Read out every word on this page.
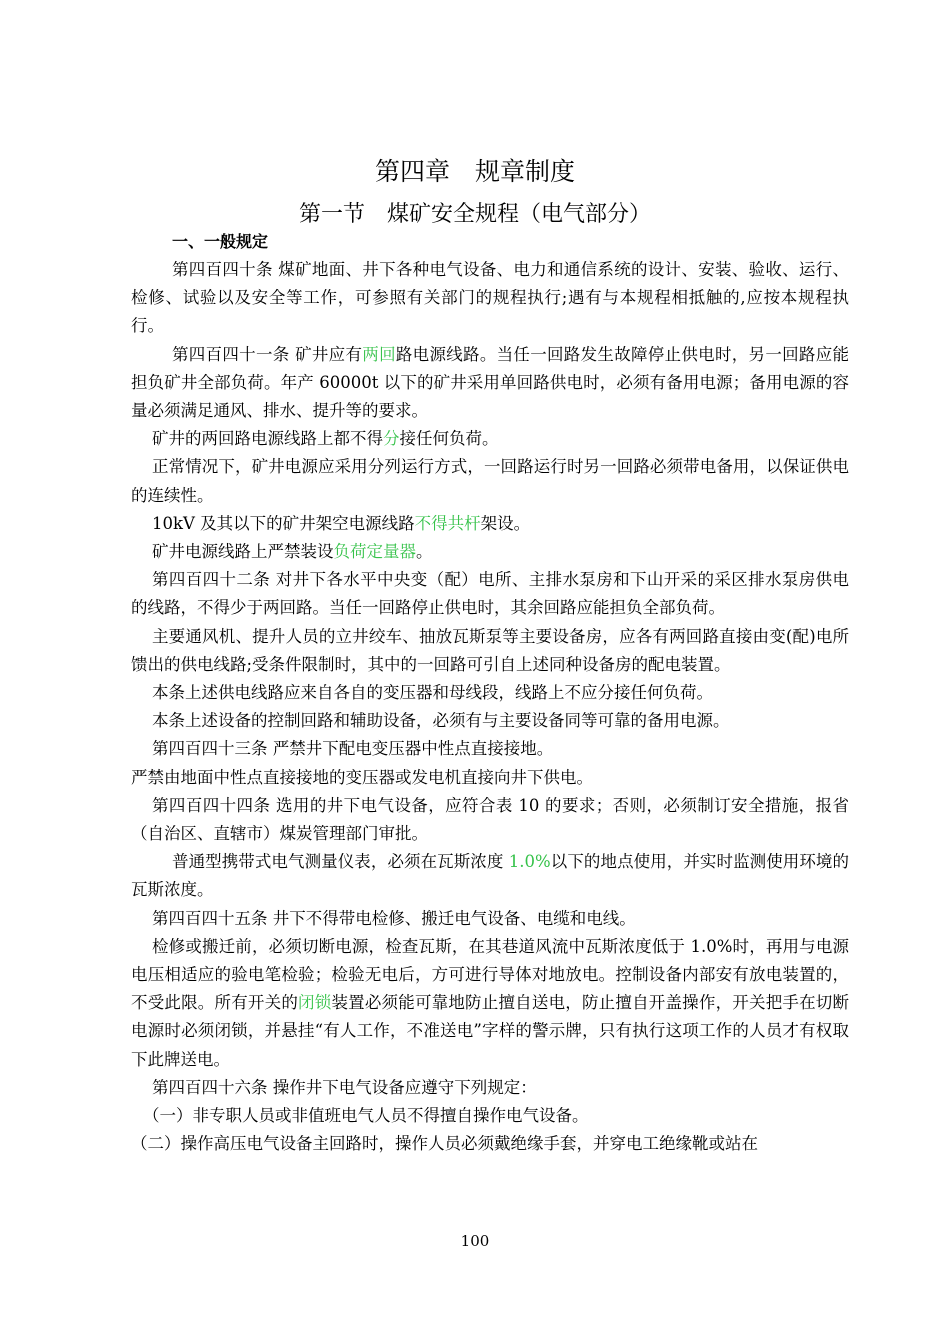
第四章　规章制度
第一节　煤矿安全规程（电气部分）
一、一般规定

第四百四十条 煤矿地面、井下各种电气设备、电力和通信系统的设计、安装、验收、运行、检修、试验以及安全等工作，可参照有关部门的规程执行;遇有与本规程相抵触的,应按本规程执行。

第四百四十一条 矿井应有两回路电源线路。当任一回路发生故障停止供电时，另一回路应能担负矿井全部负荷。年产 60000t 以下的矿井采用单回路供电时，必须有备用电源；备用电源的容量必须满足通风、排水、提升等的要求。

矿井的两回路电源线路上都不得分接任何负荷。

正常情况下，矿井电源应采用分列运行方式，一回路运行时另一回路必须带电备用，以保证供电的连续性。

10kV 及其以下的矿井架空电源线路不得共杆架设。

矿井电源线路上严禁装设负荷定量器。

第四百四十二条 对井下各水平中央变（配）电所、主排水泵房和下山开采的采区排水泵房供电的线路，不得少于两回路。当任一回路停止供电时，其余回路应能担负全部负荷。

主要通风机、提升人员的立井绞车、抽放瓦斯泵等主要设备房，应各有两回路直接由变(配)电所馈出的供电线路;受条件限制时，其中的一回路可引自上述同种设备房的配电装置。

本条上述供电线路应来自各自的变压器和母线段，线路上不应分接任何负荷。

本条上述设备的控制回路和辅助设备，必须有与主要设备同等可靠的备用电源。

第四百四十三条 严禁井下配电变压器中性点直接接地。

严禁由地面中性点直接接地的变压器或发电机直接向井下供电。

第四百四十四条 选用的井下电气设备，应符合表 10 的要求；否则，必须制订安全措施，报省（自治区、直辖市）煤炭管理部门审批。

普通型携带式电气测量仪表，必须在瓦斯浓度 1.0%以下的地点使用，并实时监测使用环境的瓦斯浓度。

第四百四十五条 井下不得带电检修、搬迁电气设备、电缆和电线。

检修或搬迁前，必须切断电源，检查瓦斯，在其巷道风流中瓦斯浓度低于 1.0%时，再用与电源电压相适应的验电笔检验；检验无电后，方可进行导体对地放电。控制设备内部安有放电装置的，不受此限。所有开关的闭锁装置必须能可靠地防止擅自送电，防止擅自开盖操作，开关把手在切断电源时必须闭锁，并悬挂“有人工作，不准送电”字样的警示牌，只有执行这项工作的人员才有权取下此牌送电。

第四百四十六条 操作井下电气设备应遵守下列规定：

（一）非专职人员或非值班电气人员不得擅自操作电气设备。

（二）操作高压电气设备主回路时，操作人员必须戴绝缘手套，并穿电工绝缘靴或站在

100
